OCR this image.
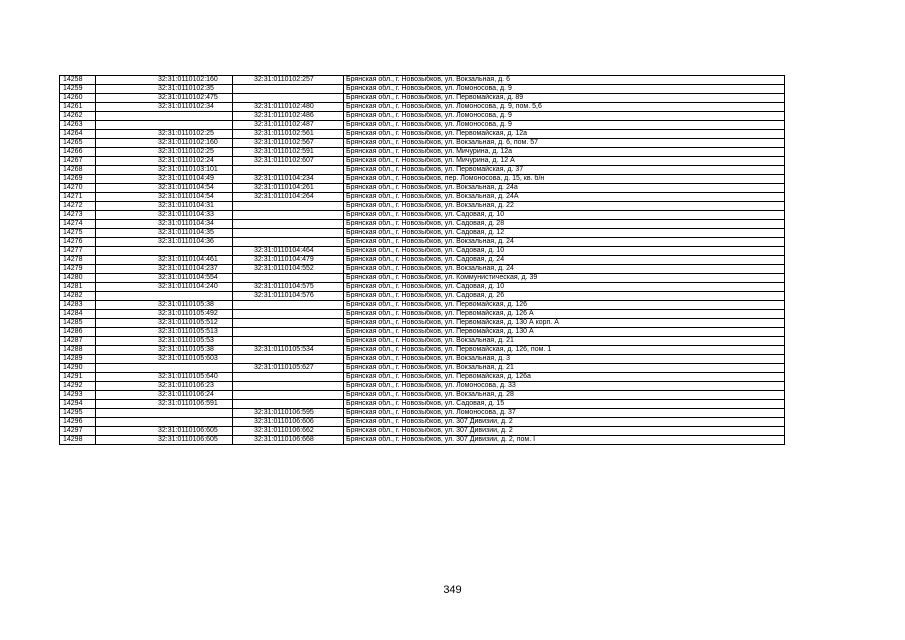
14258	32:31:0110102:160	32:31:0110102:257	Брянская обл., г. Новозыбков, ул. Вокзальная, д. 6
14259	32:31:0110102:35		Брянская обл., г. Новозыбков, ул. Ломоносова, д. 9
14260	32:31:0110102:475		Брянская обл., г. Новозыбков, ул. Первомайская, д. 89
14261	32:31:0110102:34	32:31:0110102:480	Брянская обл., г. Новозыбков, ул. Ломоносова, д. 9, пом. 5,6
14262		32:31:0110102:486	Брянская обл., г. Новозыбков, ул. Ломоносова, д. 9
14263		32:31:0110102:487	Брянская обл., г. Новозыбков, ул. Ломоносова, д. 9
14264	32:31:0110102:25	32:31:0110102:561	Брянская обл., г. Новозыбков, ул. Первомайская, д. 12а
14265	32:31:0110102:160	32:31:0110102:567	Брянская обл., г. Новозыбков, ул. Вокзальная, д. 6, пом. 57
14266	32:31:0110102:25	32:31:0110102:591	Брянская обл., г. Новозыбков, ул. Мичурина, д. 12а
14267	32:31:0110102:24	32:31:0110102:607	Брянская обл., г. Новозыбков, ул. Мичурина, д. 12 А
14268	32:31:0110103:101		Брянская обл., г. Новозыбков, ул. Первомайская, д. 37
14269	32:31:0110104:49	32:31:0110104:234	Брянская обл., г. Новозыбков, пер. Ломоносова, д. 15, кв. б/н
14270	32:31:0110104:54	32:31:0110104:261	Брянская обл., г. Новозыбков, ул. Вокзальная, д. 24а
14271	32:31:0110104:54	32:31:0110104:264	Брянская обл., г. Новозыбков, ул. Вокзальная, д. 24А
14272	32:31:0110104:31		Брянская обл., г. Новозыбков, ул. Вокзальная, д. 22
14273	32:31:0110104:33		Брянская обл., г. Новозыбков, ул. Садовая, д. 10
14274	32:31:0110104:34		Брянская обл., г. Новозыбков, ул. Садовая, д. 28
14275	32:31:0110104:35		Брянская обл., г. Новозыбков, ул. Садовая, д. 12
14276	32:31:0110104:36		Брянская обл., г. Новозыбков, ул. Вокзальная, д. 24
14277		32:31:0110104:464	Брянская обл., г. Новозыбков, ул. Садовая, д. 10
14278	32:31:0110104:461	32:31:0110104:479	Брянская обл., г. Новозыбков, ул. Садовая, д. 24
14279	32:31:0110104:237	32:31:0110104:552	Брянская обл., г. Новозыбков, ул. Вокзальная, д. 24
14280	32:31:0110104:554		Брянская обл., г. Новозыбков, ул. Коммунистическая, д. 39
14281	32:31:0110104:240	32:31:0110104:575	Брянская обл., г. Новозыбков, ул. Садовая, д. 10
14282		32:31:0110104:576	Брянская обл., г. Новозыбков, ул. Садовая, д. 26
14283	32:31:0110105:38		Брянская обл., г. Новозыбков, ул. Первомайская, д. 126
14284	32:31:0110105:492		Брянская обл., г. Новозыбков, ул. Первомайская, д. 126 А
14285	32:31:0110105:512		Брянская обл., г. Новозыбков, ул. Первомайская, д. 130 А корп. А
14286	32:31:0110105:513		Брянская обл., г. Новозыбков, ул. Первомайская, д. 130 А
14287	32:31:0110105:53		Брянская обл., г. Новозыбков, ул. Вокзальная, д. 21
14288	32:31:0110105:38	32:31:0110105:534	Брянская обл., г. Новозыбков, ул. Первомайская, д. 126, пом. 1
14289	32:31:0110105:603		Брянская обл., г. Новозыбков, ул. Вокзальная, д. 3
14290		32:31:0110105:627	Брянская обл., г. Новозыбков, ул. Вокзальная, д. 21
14291	32:31:0110105:640		Брянская обл., г. Новозыбков, ул. Первомайская, д. 126а
14292	32:31:0110106:23		Брянская обл., г. Новозыбков, ул. Ломоносова, д. 33
14293	32:31:0110106:24		Брянская обл., г. Новозыбков, ул. Вокзальная, д. 28
14294	32:31:0110106:591		Брянская обл., г. Новозыбков, ул. Садовая, д. 15
14295		32:31:0110106:595	Брянская обл., г. Новозыбков, ул. Ломоносова, д. 37
14296		32:31:0110106:606	Брянская обл., г. Новозыбков, ул. 307 Дивизии, д. 2
14297	32:31:0110106:605	32:31:0110106:662	Брянская обл., г. Новозыбков, ул. 307 Дивизии, д. 2
14298	32:31:0110106:605	32:31:0110106:668	Брянская обл., г. Новозыбков, ул. 307 Дивизии, д. 2, пом. I
349
